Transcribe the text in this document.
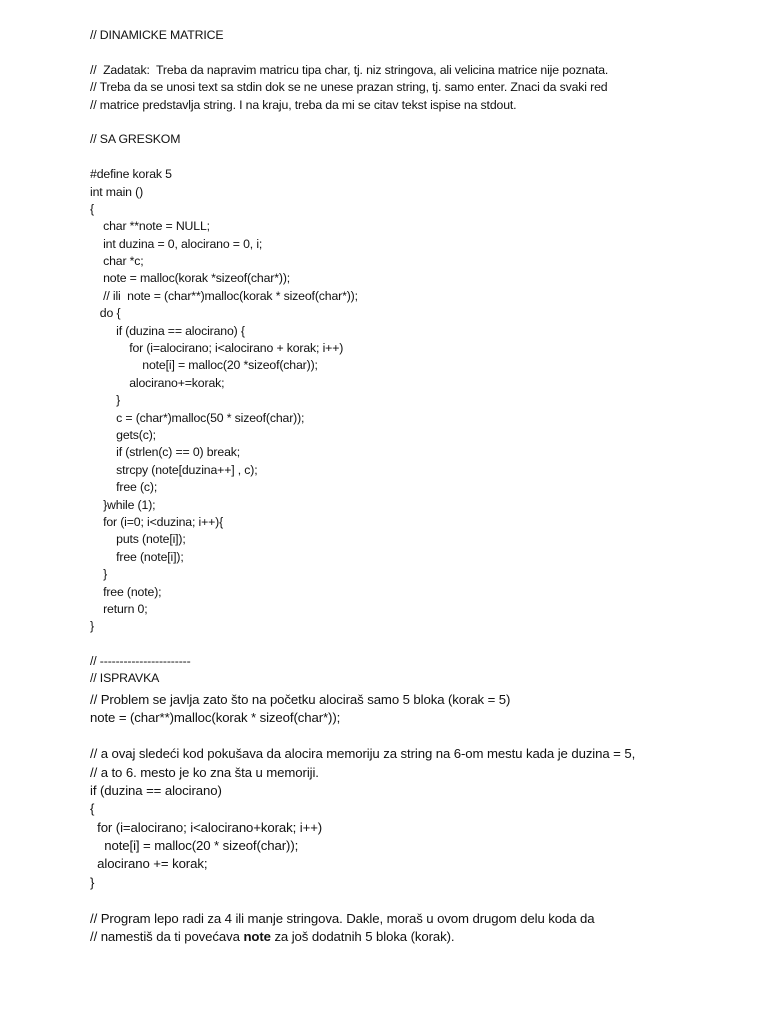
// DINAMICKE MATRICE
//  Zadatak:  Treba da napravim matricu tipa char, tj. niz stringova, ali velicina matrice nije poznata.
// Treba da se unosi text sa stdin dok se ne unese prazan string, tj. samo enter. Znaci da svaki red
// matrice predstavlja string. I na kraju, treba da mi se citav tekst ispise na stdout.
// SA GRESKOM
#define korak 5
int main ()
{
char **note = NULL;
int duzina = 0, alocirano = 0, i;
char *c;
note = malloc(korak *sizeof(char*));
// ili  note = (char**)malloc(korak * sizeof(char*));
do {
if (duzina == alocirano) {
for (i=alocirano; i<alocirano + korak; i++)
note[i] = malloc(20 *sizeof(char));
alocirano+=korak;
}
c = (char*)malloc(50 * sizeof(char));
gets(c);
if (strlen(c) == 0) break;
strcpy (note[duzina++] , c);
free (c);
}while (1);
for (i=0; i<duzina; i++){
puts (note[i]);
free (note[i]);
}
free (note);
return 0;
}
// -----------------------
// ISPRAVKA
// Problem se javlja zato što na početku alociraš samo 5 bloka (korak = 5)
note = (char**)malloc(korak * sizeof(char*));
// a ovaj sledeći kod pokušava da alocira memoriju za string na 6-om mestu kada je duzina = 5,
// a to 6. mesto je ko zna šta u memoriji.
if (duzina == alocirano)
{
for (i=alocirano; i<alocirano+korak; i++)
note[i] = malloc(20 * sizeof(char));
alocirano += korak;
}
// Program lepo radi za 4 ili manje stringova. Dakle, moraš u ovom drugom delu koda da
// namestiš da ti povećava note za još dodatnih 5 bloka (korak).
